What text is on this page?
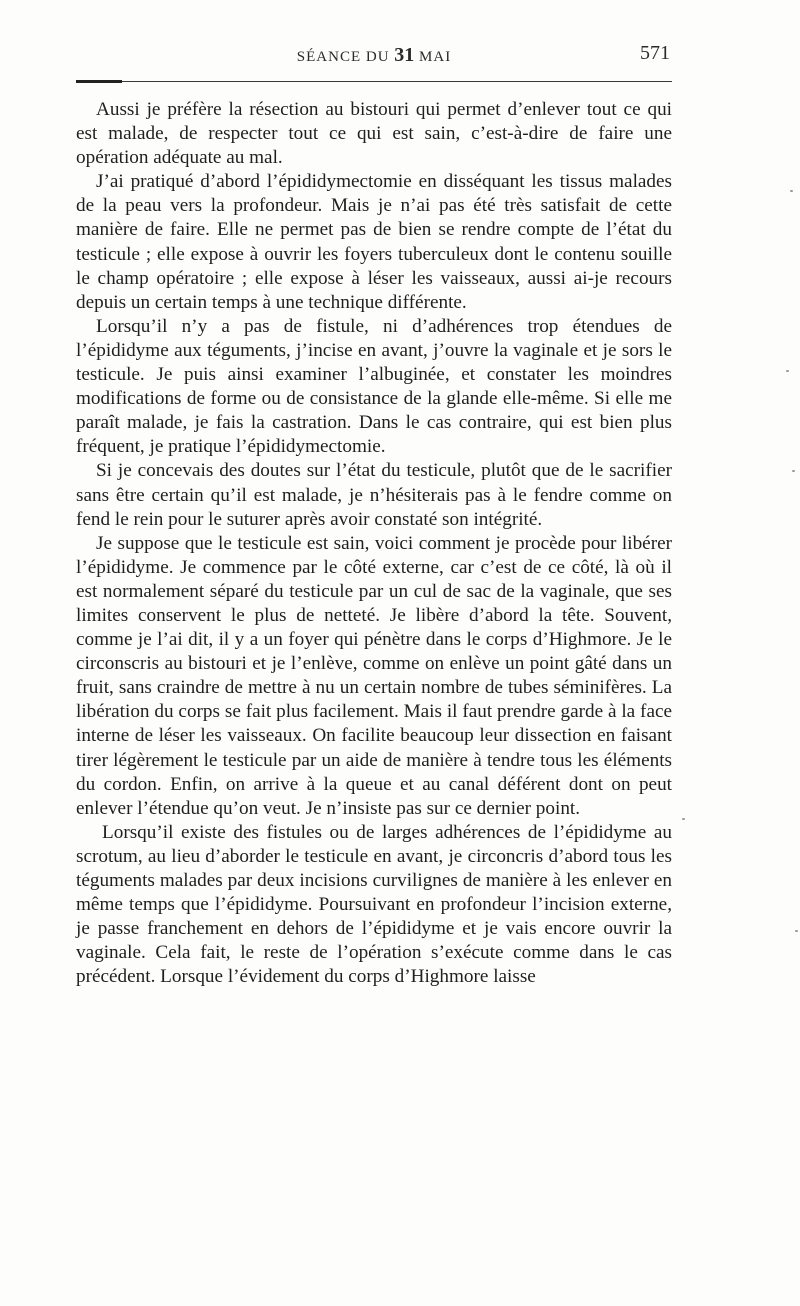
SÉANCE DU 31 MAI	571

Aussi je préfère la résection au bistouri qui permet d’enlever tout ce qui est malade, de respecter tout ce qui est sain, c’est-à-dire de faire une opération adéquate au mal.

J’ai pratiqué d’abord l’épididymectomie en disséquant les tissus malades de la peau vers la profondeur. Mais je n’ai pas été très satisfait de cette manière de faire. Elle ne permet pas de bien se rendre compte de l’état du testicule ; elle expose à ouvrir les foyers tuberculeux dont le contenu souille le champ opératoire ; elle expose à léser les vaisseaux, aussi ai-je recours depuis un certain temps à une technique différente.

Lorsqu’il n’y a pas de fistule, ni d’adhérences trop étendues de l’épididyme aux téguments, j’incise en avant, j’ouvre la vaginale et je sors le testicule. Je puis ainsi examiner l’albuginée, et constater les moindres modifications de forme ou de consistance de la glande elle-même. Si elle me paraît malade, je fais la castration. Dans le cas contraire, qui est bien plus fréquent, je pratique l’épididymectomie.

Si je concevais des doutes sur l’état du testicule, plutôt que de le sacrifier sans être certain qu’il est malade, je n’hésiterais pas à le fendre comme on fend le rein pour le suturer après avoir constaté son intégrité.

Je suppose que le testicule est sain, voici comment je procède pour libérer l’épididyme. Je commence par le côté externe, car c’est de ce côté, là où il est normalement séparé du testicule par un cul de sac de la vaginale, que ses limites conservent le plus de netteté. Je libère d’abord la tête. Souvent, comme je l’ai dit, il y a un foyer qui pénètre dans le corps d’Highmore. Je le circonscris au bistouri et je l’enlève, comme on enlève un point gâté dans un fruit, sans craindre de mettre à nu un certain nombre de tubes séminifères. La libération du corps se fait plus facilement. Mais il faut prendre garde à la face interne de léser les vaisseaux. On facilite beaucoup leur dissection en faisant tirer légèrement le testicule par un aide de manière à tendre tous les éléments du cordon. Enfin, on arrive à la queue et au canal déférent dont on peut enlever l’étendue qu’on veut. Je n’insiste pas sur ce dernier point.

Lorsqu’il existe des fistules ou de larges adhérences de l’épididyme au scrotum, au lieu d’aborder le testicule en avant, je circoncris d’abord tous les téguments malades par deux incisions curvilignes de manière à les enlever en même temps que l’épididyme. Poursuivant en profondeur l’incision externe, je passe franchement en dehors de l’épididyme et je vais encore ouvrir la vaginale. Cela fait, le reste de l’opération s’exécute comme dans le cas précédent. Lorsque l’évidement du corps d’Highmore laisse
